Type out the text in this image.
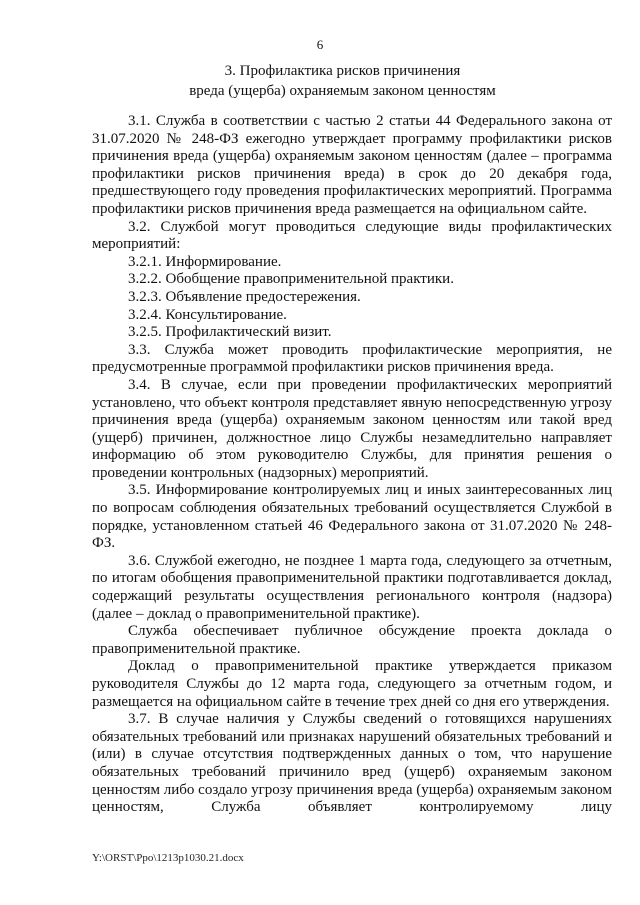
6
3. Профилактика рисков причинения
вреда (ущерба) охраняемым законом ценностям

3.1. Служба в соответствии с частью 2 статьи 44 Федерального закона от 31.07.2020 № 248-ФЗ ежегодно утверждает программу профилактики рисков причинения вреда (ущерба) охраняемым законом ценностям (далее – программа профилактики рисков причинения вреда) в срок до 20 декабря года, предшествующего году проведения профилактических мероприятий. Программа профилактики рисков причинения вреда размещается на официальном сайте.

3.2. Службой могут проводиться следующие виды профилактических мероприятий:

3.2.1. Информирование.

3.2.2. Обобщение правоприменительной практики.

3.2.3. Объявление предостережения.

3.2.4. Консультирование.

3.2.5. Профилактический визит.

3.3. Служба может проводить профилактические мероприятия, не предусмотренные программой профилактики рисков причинения вреда.

3.4. В случае, если при проведении профилактических мероприятий установлено, что объект контроля представляет явную непосредственную угрозу причинения вреда (ущерба) охраняемым законом ценностям или такой вред (ущерб) причинен, должностное лицо Службы незамедлительно направляет информацию об этом руководителю Службы, для принятия решения о проведении контрольных (надзорных) мероприятий.

3.5. Информирование контролируемых лиц и иных заинтересованных лиц по вопросам соблюдения обязательных требований осуществляется Службой в порядке, установленном статьей 46 Федерального закона от 31.07.2020 № 248-ФЗ.

3.6. Службой ежегодно, не позднее 1 марта года, следующего за отчетным, по итогам обобщения правоприменительной практики подготавливается доклад, содержащий результаты осуществления регионального контроля (надзора) (далее – доклад о правоприменительной практике).

Служба обеспечивает публичное обсуждение проекта доклада о правоприменительной практике.

Доклад о правоприменительной практике утверждается приказом руководителя Службы до 12 марта года, следующего за отчетным годом, и размещается на официальном сайте в течение трех дней со дня его утверждения.

3.7. В случае наличия у Службы сведений о готовящихся нарушениях обязательных требований или признаках нарушений обязательных требований и (или) в случае отсутствия подтвержденных данных о том, что нарушение обязательных требований причинило вред (ущерб) охраняемым законом ценностям либо создало угрозу причинения вреда (ущерба) охраняемым законом ценностям, Служба объявляет контролируемому лицу

Y:\ORST\Ppo\1213p1030.21.docx
